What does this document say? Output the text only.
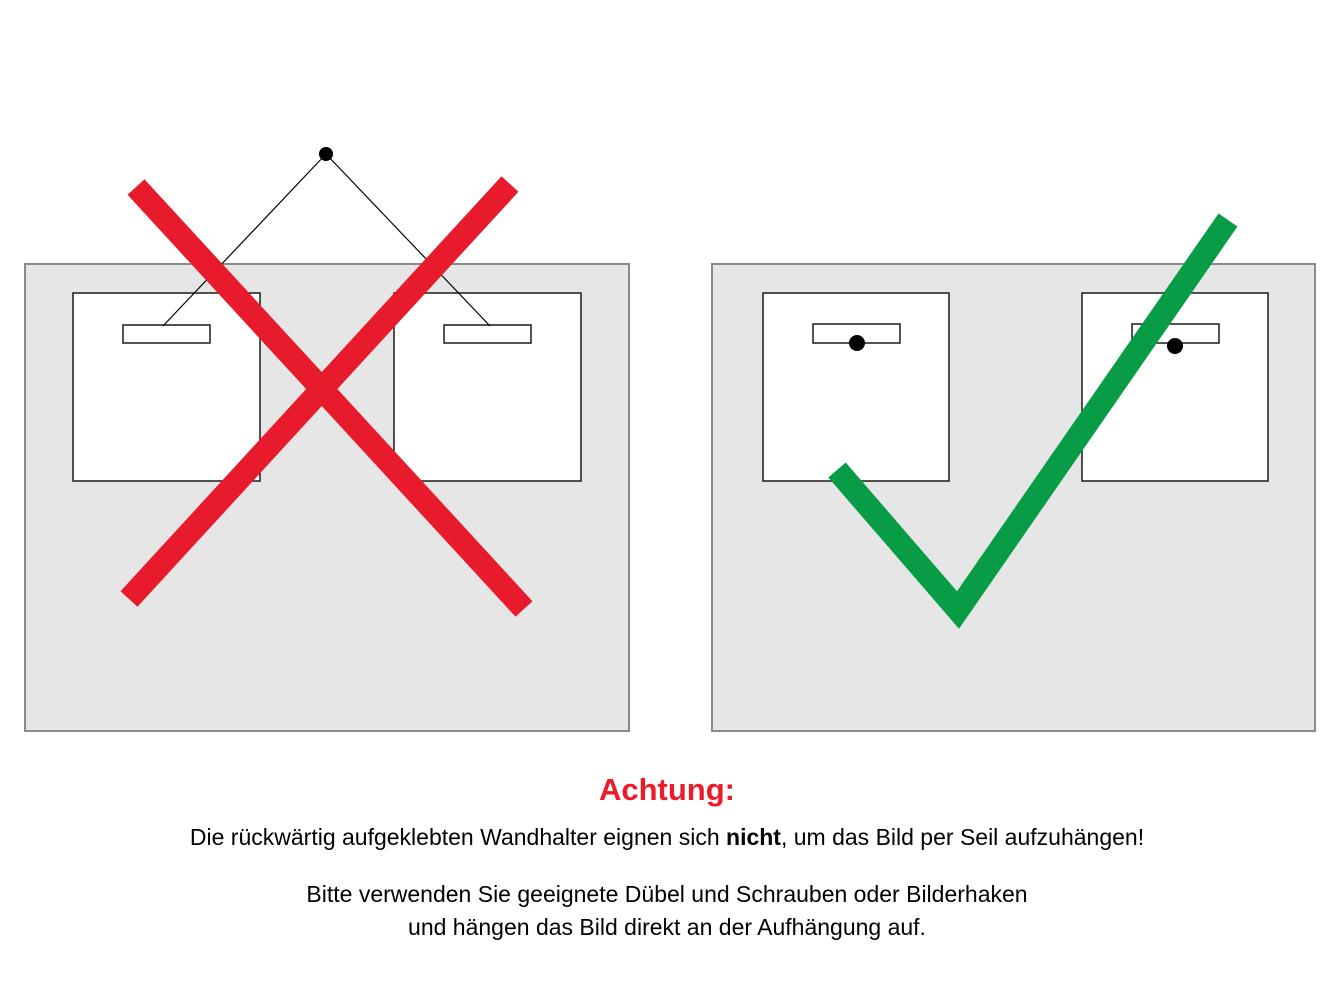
Achtung:
Die rückwärtig aufgeklebten Wandhalter eignen sich nicht, um das Bild per Seil aufzuhängen!
Bitte verwenden Sie geeignete Dübel und Schrauben oder Bilderhaken
und hängen das Bild direkt an der Aufhängung auf.
